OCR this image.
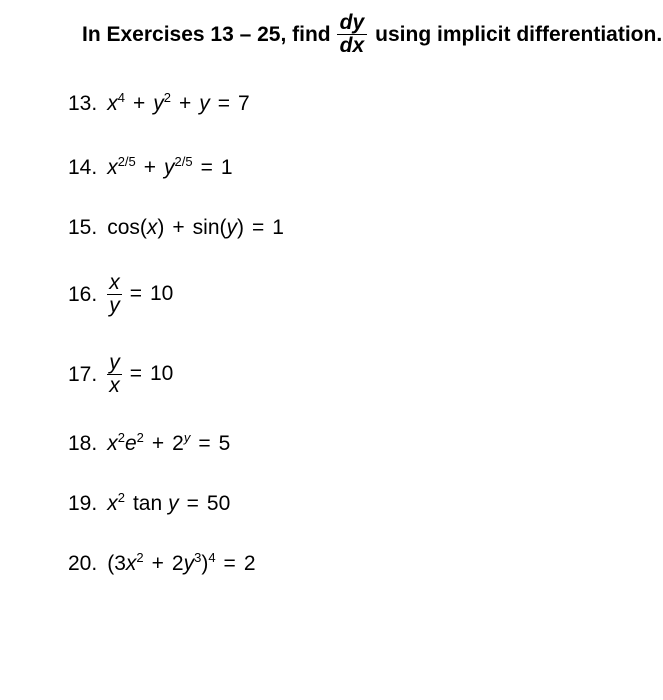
In Exercises 13 – 25, find $\frac{dy}{dx}$ using implicit differentiation.
13. $x^4 + y^2 + y = 7$
14. $x^{2/5} + y^{2/5} = 1$
15. cos(x) + sin(y) = 1
16. $\frac{x}{y} = 10$
17. $\frac{y}{x} = 10$
18. $x^2e^2 + 2^y = 5$
19. $x^2$ tan y = 50
20. $(3x^2 + 2y^3)^4 = 2$
